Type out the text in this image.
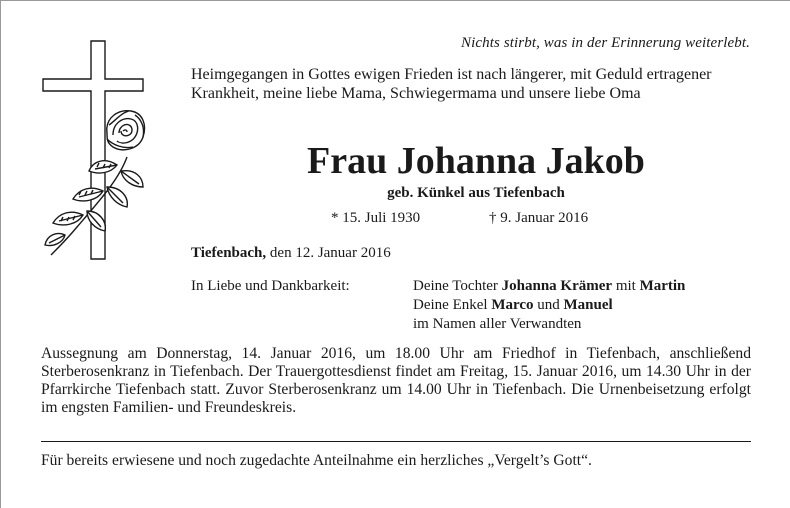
Nichts stirbt, was in der Erinnerung weiterlebt.
Heimgegangen in Gottes ewigen Frieden ist nach längerer, mit Geduld ertragener Krankheit, meine liebe Mama, Schwiegermama und unsere liebe Oma
Frau Johanna Jakob
geb. Künkel aus Tiefenbach
* 15. Juli 1930	† 9. Januar 2016
Tiefenbach, den 12. Januar 2016
In Liebe und Dankbarkeit:	Deine Tochter Johanna Krämer mit Martin
Deine Enkel Marco und Manuel
im Namen aller Verwandten
Aussegnung am Donnerstag, 14. Januar 2016, um 18.00 Uhr am Friedhof in Tiefenbach, anschließend Sterberosenkranz in Tiefenbach. Der Trauergottesdienst findet am Freitag, 15. Januar 2016, um 14.30 Uhr in der Pfarrkirche Tiefenbach statt. Zuvor Sterberosenkranz um 14.00 Uhr in Tiefenbach. Die Urnenbeisetzung erfolgt im engsten Familien- und Freundeskreis.
Für bereits erwiesene und noch zugedachte Anteilnahme ein herzliches „Vergelt’s Gott“.
